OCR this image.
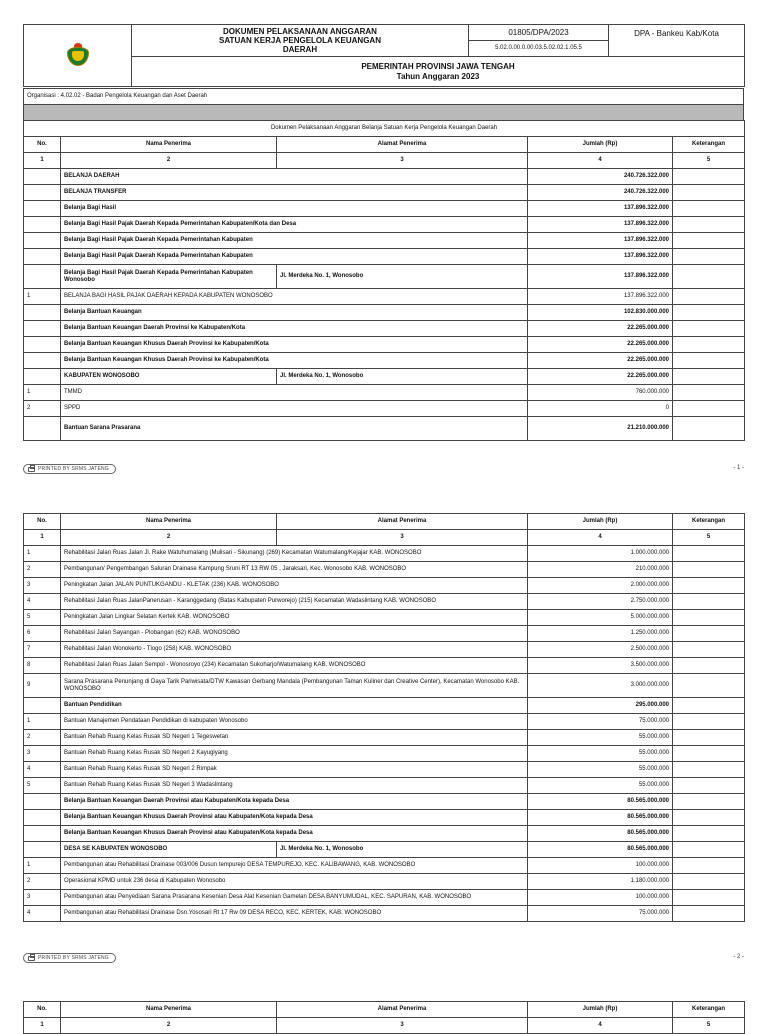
DOKUMEN PELAKSANAAN ANGGARAN
SATUAN KERJA PENGELOLA KEUANGAN
DAERAH
	01805/DPA/2023	DPA - Bankeu Kab/Kota
5.02.0.00.0.00.03.5.02.02.1.05.5

PEMERINTAH PROVINSI JAWA TENGAH
Tahun Anggaran 2023
Organisasi : 4.02.02 - Badan Pengelola Keuangan dan Aset Daerah

Dokumen Pelaksanaan Anggaran Belanja Satuan Kerja Pengelola Keuangan Daerah				
No.	Nama Penerima	Alamat Penerima	Jumlah (Rp)	Keterangan
1	2	3	4	5
	BELANJA DAERAH		240.726.322.000	
	BELANJA TRANSFER		240.726.322.000	
	Belanja Bagi Hasil		137.896.322.000	
	Belanja Bagi Hasil Pajak Daerah Kepada Pemerintahan Kabupaten/Kota dan Desa		137.896.322.000	
	Belanja Bagi Hasil Pajak Daerah Kepada Pemerintahan Kabupaten		137.896.322.000	
	Belanja Bagi Hasil Pajak Daerah Kepada Pemerintahan Kabupaten		137.896.322.000	
	Belanja Bagi Hasil Pajak Daerah Kepada Pemerintahan Kabupaten Wonosobo	Jl. Merdeka No. 1, Wonosobo	137.896.322.000	
1	BELANJA BAGI HASIL PAJAK DAERAH KEPADA KABUPATEN WONOSOBO		137.896.322.000	
	Belanja Bantuan Keuangan		102.830.000.000	
	Belanja Bantuan Keuangan Daerah Provinsi ke Kabupaten/Kota		22.265.000.000	
	Belanja Bantuan Keuangan Khusus Daerah Provinsi ke Kabupaten/Kota		22.265.000.000	
	Belanja Bantuan Keuangan Khusus Daerah Provinsi ke Kabupaten/Kota		22.265.000.000	
	KABUPATEN WONOSOBO	Jl. Merdeka No. 1, Wonosobo	22.265.000.000	
1	TMMD		760.000.000	
2	SPPD		0	
	Bantuan Sarana Prasarana		21.210.000.000	
PRINTED BY SRMS JATENG	- 1 -
No.	Nama Penerima	Alamat Penerima	Jumlah (Rp)	Keterangan
1	2	3	4	5
1	Rehabilitasi Jalan Ruas Jalan Jl. Rake Watuhumalang (Mulisari - Sikunang) (269) Kecamatan Watumalang/Kejajar KAB. WONOSOBO		1.000.000.000	
2	Pembangunan/ Pengembangan Saluran Drainase Kampung Sruni RT 13 RW 05 , Jaraksari, Kec. Wonosobo KAB. WONOSOBO		210.000.000	
3	Peningkatan Jalan JALAN PUNTUKGANDU - KLETAK (236) KAB. WONOSOBO		2.000.000.000	
4	Rehabilitasi Jalan Ruas JalanPanerusan - Karanggedang (Batas Kabupaten Purworejo) (215) Kecamatan Wadaslintang KAB. WONOSOBO		2.750.000.000	
5	Peningkatan Jalan Lingkar Selatan Kertek KAB. WONOSOBO		5.000.000.000	
6	Rehabilitasi Jalan Sayangan - Plobangan (62) KAB. WONOSOBO		1.250.000.000	
7	Rehabilitasi Jalan Wonokerto - Tlogo (258) KAB. WONOSOBO		2.500.000.000	
8	Rehabilitasi Jalan Ruas Jalan Sempol - Wonosroyo (234) Kecamatan Sukoharjo/Watumalang KAB. WONOSOBO		3.500.000.000	
9	Sarana Prasarana Penunjang di Daya Tarik Pariwisata/DTW Kawasan Gerbang Mandala (Pembangunan Taman Kuliner dan Creative Center), Kecamatan Wonosobo KAB. WONOSOBO		3.000.000.000	
	Bantuan Pendidikan		295.000.000	
1	Bantuan Manajemen Pendataan Pendidikan di kabupaten Wonosobo		75.000.000	
2	Bantuan Rehab Ruang Kelas Rusak SD Negeri 1 Tegeswetan		55.000.000	
3	Bantuan Rehab Ruang Kelas Rusak SD Negeri 2 Kayugiyang		55.000.000	
4	Bantuan Rehab Ruang Kelas Rusak SD Negeri 2 Rimpak		55.000.000	
5	Bantuan Rehab Ruang Kelas Rusak SD Negeri 3 Wadaslintang		55.000.000	
	Belanja Bantuan Keuangan Daerah Provinsi atau Kabupaten/Kota kepada Desa		80.565.000.000	
	Belanja Bantuan Keuangan Khusus Daerah Provinsi atau Kabupaten/Kota kepada Desa		80.565.000.000	
	Belanja Bantuan Keuangan Khusus Daerah Provinsi atau Kabupaten/Kota kepada Desa		80.565.000.000	
	DESA SE KABUPATEN WONOSOBO	Jl. Merdeka No. 1, Wonosobo	80.565.000.000	
1	Pembangunan atau Rehabilitasi Drainase 003/006 Dusun tempurejo DESA TEMPUREJO, KEC. KALIBAWANG, KAB. WONOSOBO		100.000.000	
2	Operasional KPMD untuk 236 desa di Kabupaten Wonosobo		1.180.000.000	
3	Pembangunan atau Penyediaan Sarana Prasarana Kesenian Desa Alat Kesenian Gamelan DESA BANYUMUDAL, KEC. SAPURAN, KAB. WONOSOBO		100.000.000	
4	Pembangunan atau Rehabilitasi Drainase Dsn.Yososari Rt 17 Rw 09 DESA RECO, KEC. KERTEK, KAB. WONOSOBO		75.000.000	
PRINTED BY SRMS JATENG	- 2 -
No.	Nama Penerima	Alamat Penerima	Jumlah (Rp)	Keterangan
1	2	3	4	5
